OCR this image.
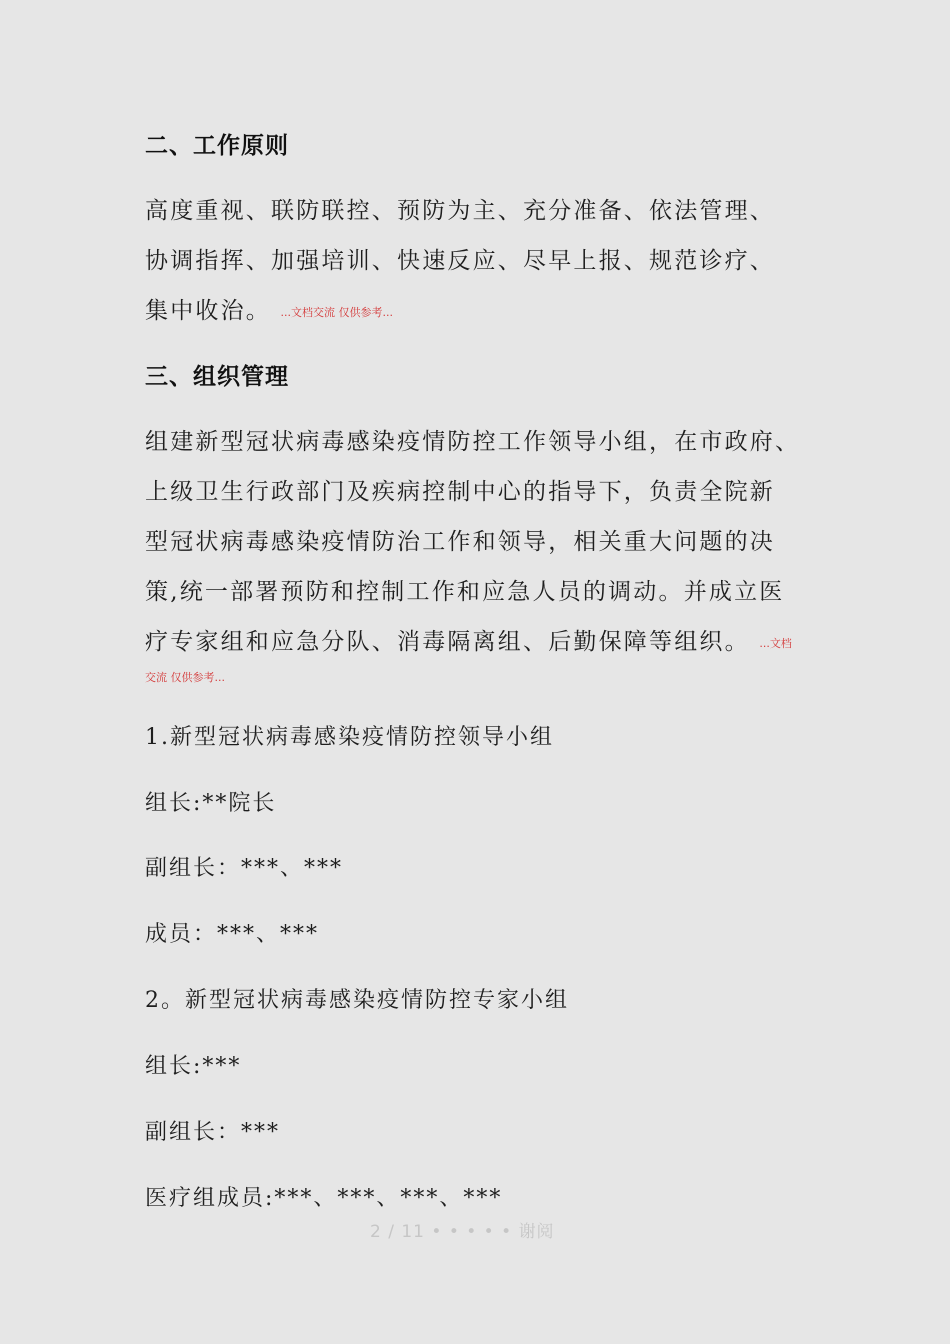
二、工作原则

高度重视、联防联控、预防为主、充分准备、依法管理、

协调指挥、加强培训、快速反应、尽早上报、规范诊疗、

集中收治。 ...文档交流 仅供参考...

三、组织管理

组建新型冠状病毒感染疫情防控工作领导小组，在市政府、

上级卫生行政部门及疾病控制中心的指导下，负责全院新

型冠状病毒感染疫情防治工作和领导，相关重大问题的决

策,统一部署预防和控制工作和应急人员的调动。并成立医

疗专家组和应急分队、消毒隔离组、后勤保障等组织。 ...文档

交流 仅供参考...

1.新型冠状病毒感染疫情防控领导小组

组长:**院长

副组长：***、***

成员：***、***

2。新型冠状病毒感染疫情防控专家小组

组长:***

副组长：***

医疗组成员:***、***、***、***

2 / 11 • • • • • 谢阅
